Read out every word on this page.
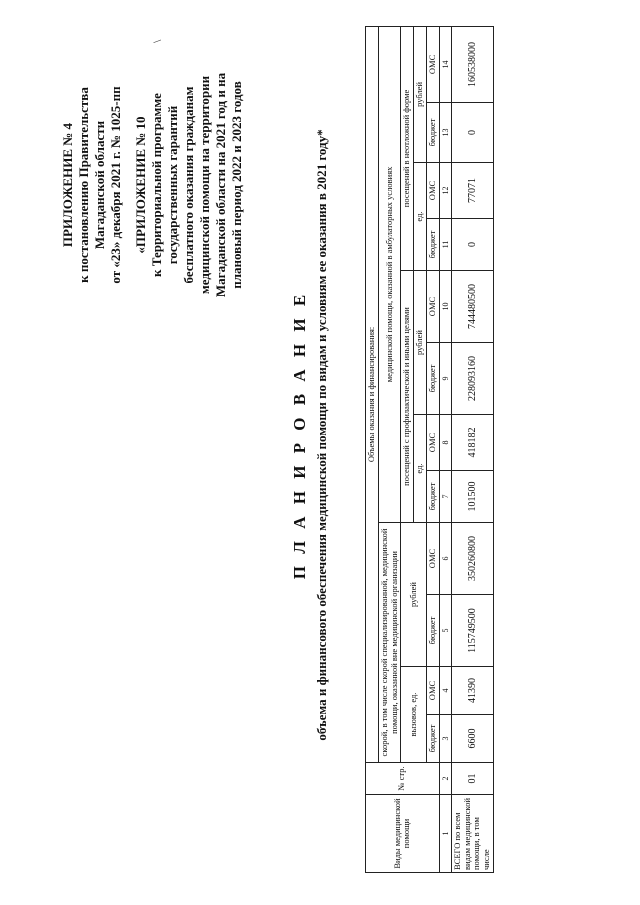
\
ПРИЛОЖЕНИЕ № 4 к постановлению Правительства Магаданской области от «23» декабря 2021 г. № 1025-пп «ПРИЛОЖЕНИЕ № 10 к Территориальной программе государственных гарантий бесплатного оказания гражданам медицинской помощи на территории Магаданской области на 2021 год и на плановый период 2022 и 2023 годов
П Л А Н И Р О В А Н И Е объема и финансового обеспечения медицинской помощи по видам и условиям ее оказания в 2021 году*
Виды медицинской помощи	№ стр.	Объемы оказания и финансирования:											
		скорой, в том числе скорой специализированной, медицинской помощи, оказанной вне медицинской организации				медицинской помощи, оказанной в амбулаторных условиях							
		вызовов, ед.		рублей		посещений с профилактической и иными целями				посещений в неотложной форме			
						ед.		рублей		ед.		рублей	
		бюджет	ОМС	бюджет	ОМС	бюджет	ОМС	бюджет	ОМС	бюджет	ОМС	бюджет	ОМС
1	2	3	4	5	6	7	8	9	10	11	12	13	14
ВСЕГО по всем видам медицинской помощи, в том числе	01	6600	41390	115749500	350260800	101500	418182	228093160	744480500	0	77071	0	160538000
